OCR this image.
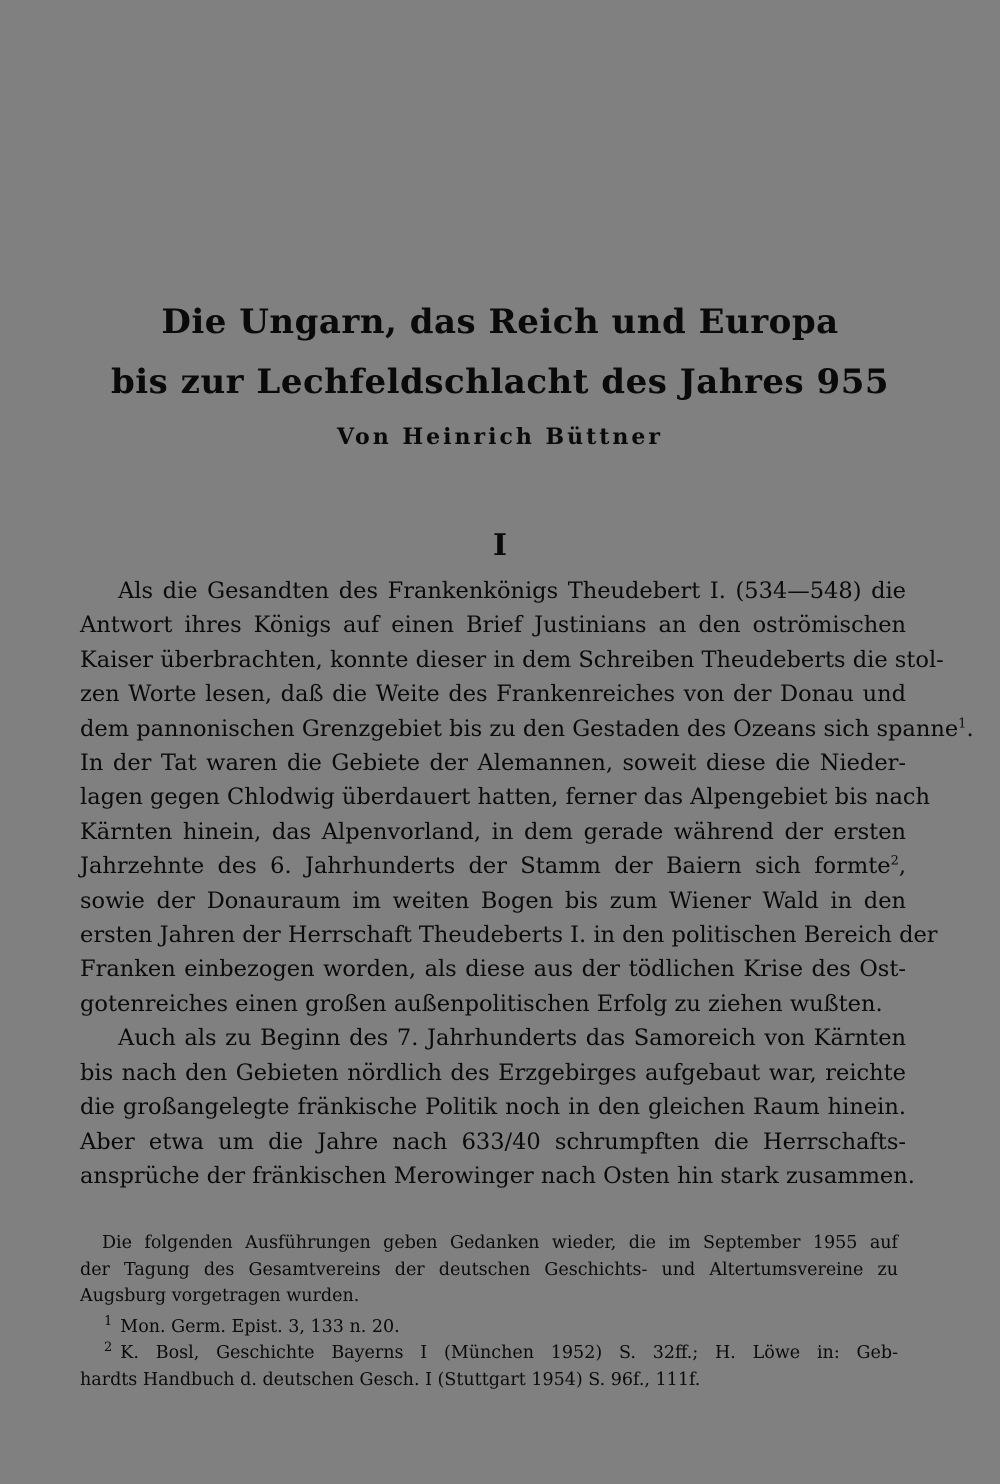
Die Ungarn, das Reich und Europa
bis zur Lechfeldschlacht des Jahres 955
Von Heinrich Büttner
I
Als die Gesandten des Frankenkönigs Theudebert I. (534—548) die
Antwort ihres Königs auf einen Brief Justinians an den oströmischen
Kaiser überbrachten, konnte dieser in dem Schreiben Theudeberts die stol-
zen Worte lesen, daß die Weite des Frankenreiches von der Donau und
dem pannonischen Grenzgebiet bis zu den Gestaden des Ozeans sich spanne$^1$.
In der Tat waren die Gebiete der Alemannen, soweit diese die Nieder-
lagen gegen Chlodwig überdauert hatten, ferner das Alpengebiet bis nach
Kärnten hinein, das Alpenvorland, in dem gerade während der ersten
Jahrzehnte des 6. Jahrhunderts der Stamm der Baiern sich formte$^2$,
sowie der Donauraum im weiten Bogen bis zum Wiener Wald in den
ersten Jahren der Herrschaft Theudeberts I. in den politischen Bereich der
Franken einbezogen worden, als diese aus der tödlichen Krise des Ost-
gotenreiches einen großen außenpolitischen Erfolg zu ziehen wußten.
Auch als zu Beginn des 7. Jahrhunderts das Samoreich von Kärnten
bis nach den Gebieten nördlich des Erzgebirges aufgebaut war, reichte
die großangelegte fränkische Politik noch in den gleichen Raum hinein.
Aber etwa um die Jahre nach 633/40 schrumpften die Herrschafts-
ansprüche der fränkischen Merowinger nach Osten hin stark zusammen.
Die folgenden Ausführungen geben Gedanken wieder, die im September 1955 auf
der Tagung des Gesamtvereins der deutschen Geschichts- und Altertumsvereine zu
Augsburg vorgetragen wurden.
$^1$ Mon. Germ. Epist. 3, 133 n. 20.
$^2$ K. Bosl, Geschichte Bayerns I (München 1952) S. 32ff.; H. Löwe in: Geb-
hardts Handbuch d. deutschen Gesch. I (Stuttgart 1954) S. 96f., 111f.
